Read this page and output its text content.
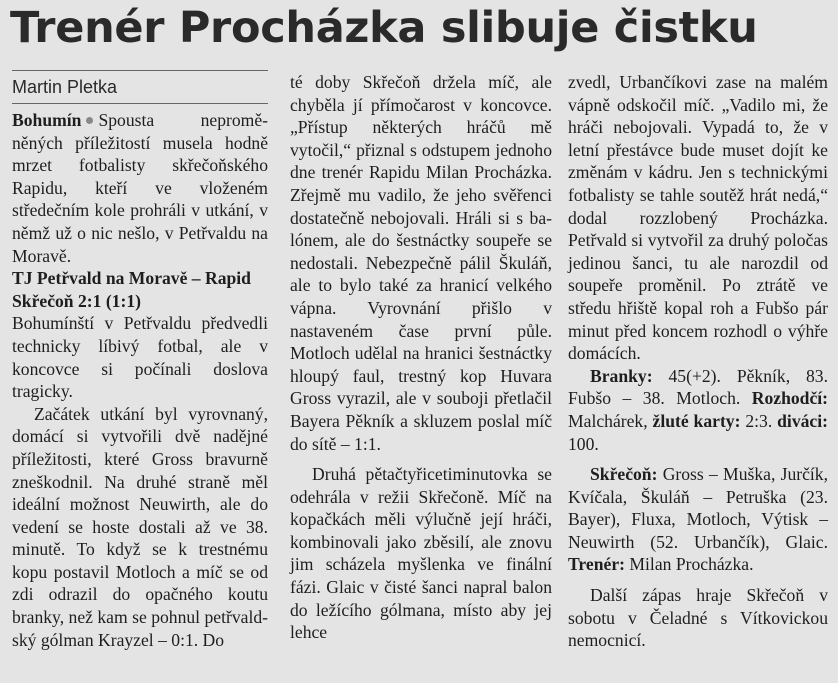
Trenér Procházka slibuje čistku
Martin Pletka

Bohumín Spousta neproměněných příležitostí musela hodně mrzet fotbalisty skřečoňského Rapidu, kteří ve vloženém středečním kole prohráli v utkání, v němž už o nic nešlo, v Petřvaldu na Moravě.

TJ Petřvald na Moravě – Rapid Skřečoň 2:1 (1:1)

Bohumínští v Petřvaldu předvedli technicky líbivý fotbal, ale v koncovce si počínali doslova tragicky.

Začátek utkání byl vyrovnaný, domácí si vytvořili dvě nadějné příležitosti, které Gross bravurně zneškodnil. Na druhé straně měl ideální možnost Neuwirth, ale do vedení se hoste dostali až ve 38. minutě. To když se k trestnému kopu postavil Motloch a míč se od zdi odrazil do opačného koutu branky, než kam se pohnul petřvaldský gólman Krayzel – 0:1. Do

té doby Skřečoň držela míč, ale chyběla jí přímočarost v koncovce. „Přístup některých hráčů mě vytočil,“ přiznal s odstupem jednoho dne trenér Rapidu Milan Procházka. Zřejmě mu vadilo, že jeho svěřenci dostatečně nebojovali. Hráli si s balónem, ale do šestnáctky soupeře se nedostali. Nebezpečně pálil Škuláň, ale to bylo také za hranicí velkého vápna. Vyrovnání přišlo v nastaveném čase první půle. Motloch udělal na hranici šestnáctky hloupý faul, trestný kop Huvara Gross vyrazil, ale v souboji přetlačil Bayera Pěkník a skluzem poslal míč do sítě – 1:1.

Druhá pětačtyřicetiminutovka se odehrála v režii Skřečoně. Míč na kopačkách měli výlučně její hráči, kombinovali jako zběsilí, ale znovu jim scházela myšlenka ve finální fázi. Glaic v čisté šanci napral balon do ležícího gólmana, místo aby jej lehce

zvedl, Urbančíkovi zase na malém vápně odskočil míč. „Vadilo mi, že hráči nebojovali. Vypadá to, že v letní přestávce bude muset dojít ke změnám v kádru. Jen s technickými fotbalisty se tahle soutěž hrát nedá,“ dodal rozzlobený Procházka. Petřvald si vytvořil za druhý poločas jedinou šanci, tu ale narozdil od soupeře proměnil. Po ztrátě ve středu hřiště kopal roh a Fubšo pár minut před koncem rozhodl o výhře domácích.

Branky: 45(+2). Pěkník, 83. Fubšo – 38. Motloch. Rozhodčí: Malchárek, žluté karty: 2:3. diváci: 100.

Skřečoň: Gross – Muška, Jurčík, Kvíčala, Škuláň – Petruška (23. Bayer), Fluxa, Motloch, Výtisk – Neuwirth (52. Urbančík), Glaic. Trenér: Milan Procházka.

Další zápas hraje Skřečoň v sobotu v Čeladné s Vítkovickou nemocnicí.
